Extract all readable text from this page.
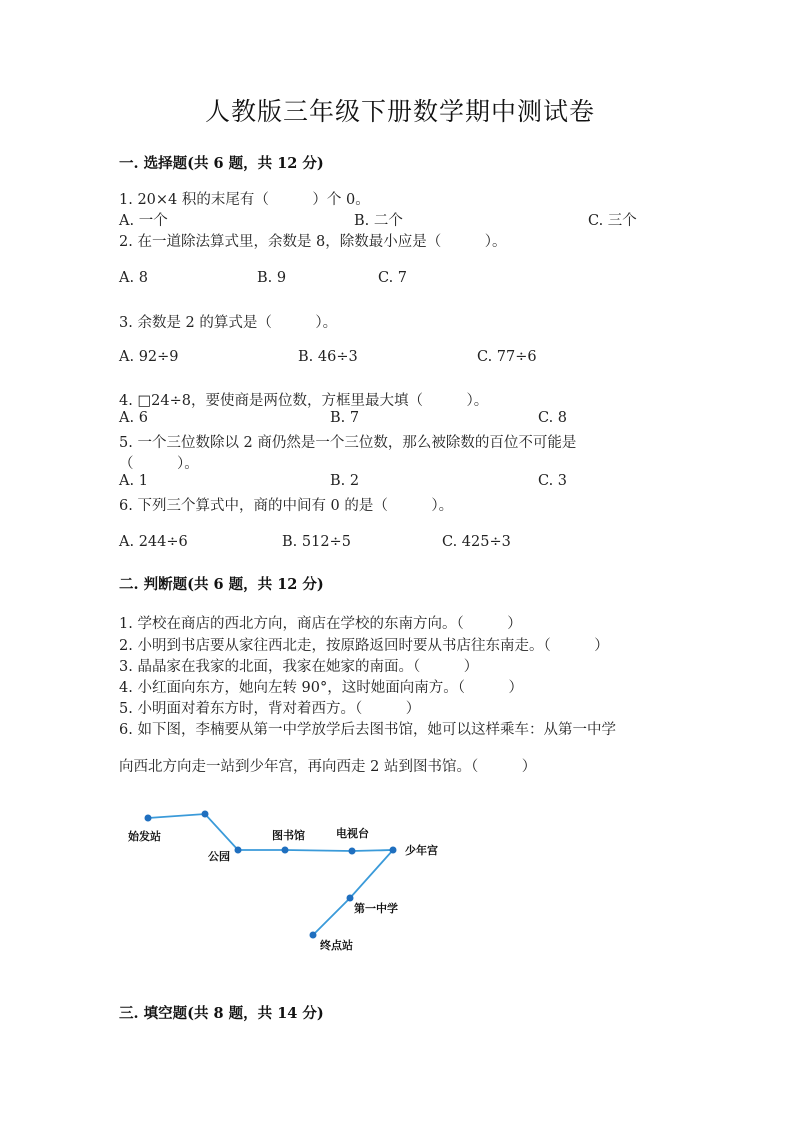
人教版三年级下册数学期中测试卷
一. 选择题(共 6 题，共 12 分)
1. 20×4 积的末尾有（　　　）个 0。
A. 一个	B. 二个	C. 三个
2. 在一道除法算式里，余数是 8，除数最小应是（　　　）。
A. 8	B. 9	C. 7
3. 余数是 2 的算式是（　　　）。
A. 92÷9	B. 46÷3	C. 77÷6
4. □24÷8，要使商是两位数，方框里最大填（　　　）。
A. 6	B. 7	C. 8
5. 一个三位数除以 2 商仍然是一个三位数，那么被除数的百位不可能是
（　　　）。
A. 1	B. 2	C. 3
6. 下列三个算式中，商的中间有 0 的是（　　　）。
A. 244÷6	B. 512÷5	C. 425÷3
二. 判断题(共 6 题，共 12 分)
1. 学校在商店的西北方向，商店在学校的东南方向。（　　　）
2. 小明到书店要从家往西北走，按原路返回时要从书店往东南走。（　　　）
3. 晶晶家在我家的北面，我家在她家的南面。（　　　）
4. 小红面向东方，她向左转 90°，这时她面向南方。（　　　）
5. 小明面对着东方时，背对着西方。（　　　）
6. 如下图，李楠要从第一中学放学后去图书馆，她可以这样乘车：从第一中学
向西北方向走一站到少年宫，再向西走 2 站到图书馆。（　　　）
始发站
公园
图书馆	电视台
少年宫
第一中学
终点站
三. 填空题(共 8 题，共 14 分)
